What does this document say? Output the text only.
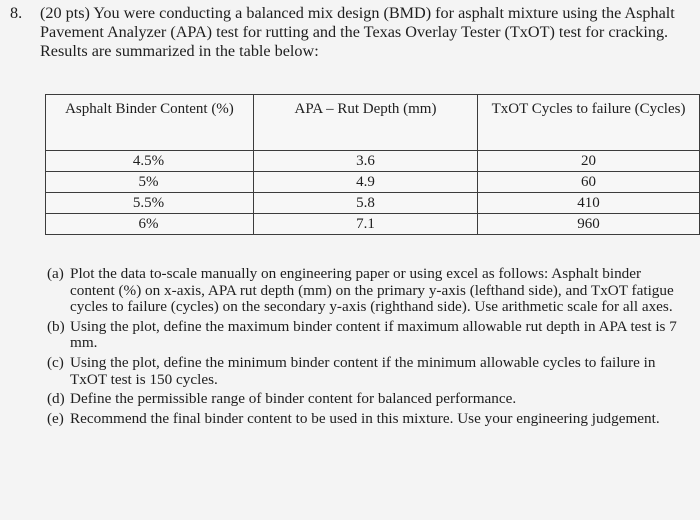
8. (20 pts) You were conducting a balanced mix design (BMD) for asphalt mixture using the Asphalt Pavement Analyzer (APA) test for rutting and the Texas Overlay Tester (TxOT) test for cracking. Results are summarized in the table below:
Asphalt Binder Content (%)	APA – Rut Depth (mm)	TxOT Cycles to failure (Cycles)
4.5%	3.6	20
5%	4.9	60
5.5%	5.8	410
6%	7.1	960
(a) Plot the data to-scale manually on engineering paper or using excel as follows: Asphalt binder content (%) on x-axis, APA rut depth (mm) on the primary y-axis (lefthand side), and TxOT fatigue cycles to failure (cycles) on the secondary y-axis (righthand side). Use arithmetic scale for all axes.
(b) Using the plot, define the maximum binder content if maximum allowable rut depth in APA test is 7 mm.
(c) Using the plot, define the minimum binder content if the minimum allowable cycles to failure in TxOT test is 150 cycles.
(d) Define the permissible range of binder content for balanced performance.
(e) Recommend the final binder content to be used in this mixture. Use your engineering judgement.
